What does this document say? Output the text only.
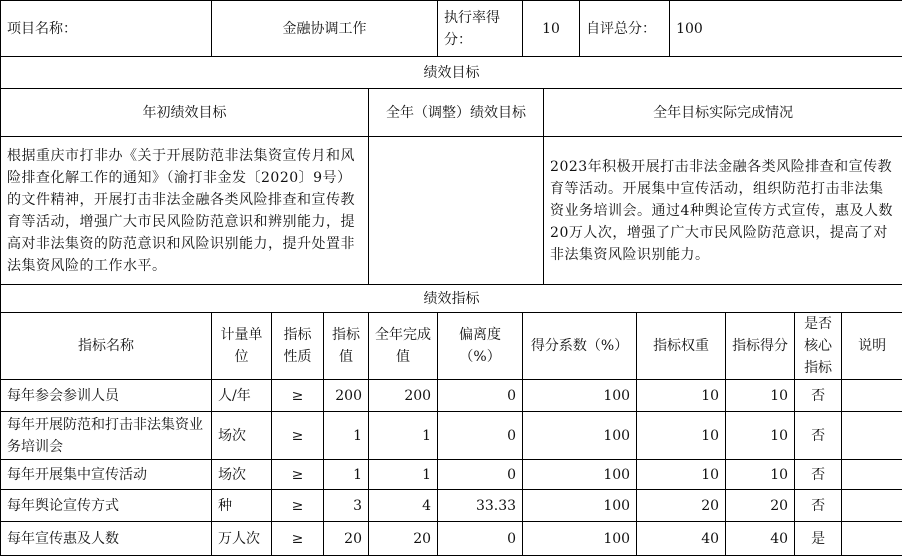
项目名称：	金融协调工作				执行率得分：	10		自评总分：		100			
绩效目标													
年初绩效目标				全年（调整）绩效目标			全年目标实际完成情况						
根据重庆市打非办《关于开展防范非法集资宣传月和风险排查化解工作的通知》（渝打非金发〔2020〕9号）的文件精神，开展打击非法金融各类风险排查和宣传教育等活动，增强广大市民风险防范意识和辨别能力，提高对非法集资的防范意识和风险识别能力，提升处置非法集资风险的工作水平。							2023年积极开展打击非法金融各类风险排查和宣传教育等活动。开展集中宣传活动，组织防范打击非法集资业务培训会。通过4种舆论宣传方式宣传，惠及人数20万人次，增强了广大市民风险防范意识，提高了对非法集资风险识别能力。						
绩效指标													
指标名称	计量单位	指标性质	指标值	全年完成值	偏离度（%）	得分系数（%）			指标权重		指标得分	是否核心指标	说明
每年参会参训人员	人/年	≥	200	200	0	100			10		10	否	
每年开展防范和打击非法集资业务培训会	场次	≥	1	1	0	100			10		10	否	
每年开展集中宣传活动	场次	≥	1	1	0	100			10		10	否	
每年舆论宣传方式	种	≥	3	4	33.33	100			20		20	否	
每年宣传惠及人数	万人次	≥	20	20	0	100			40		40	是	
